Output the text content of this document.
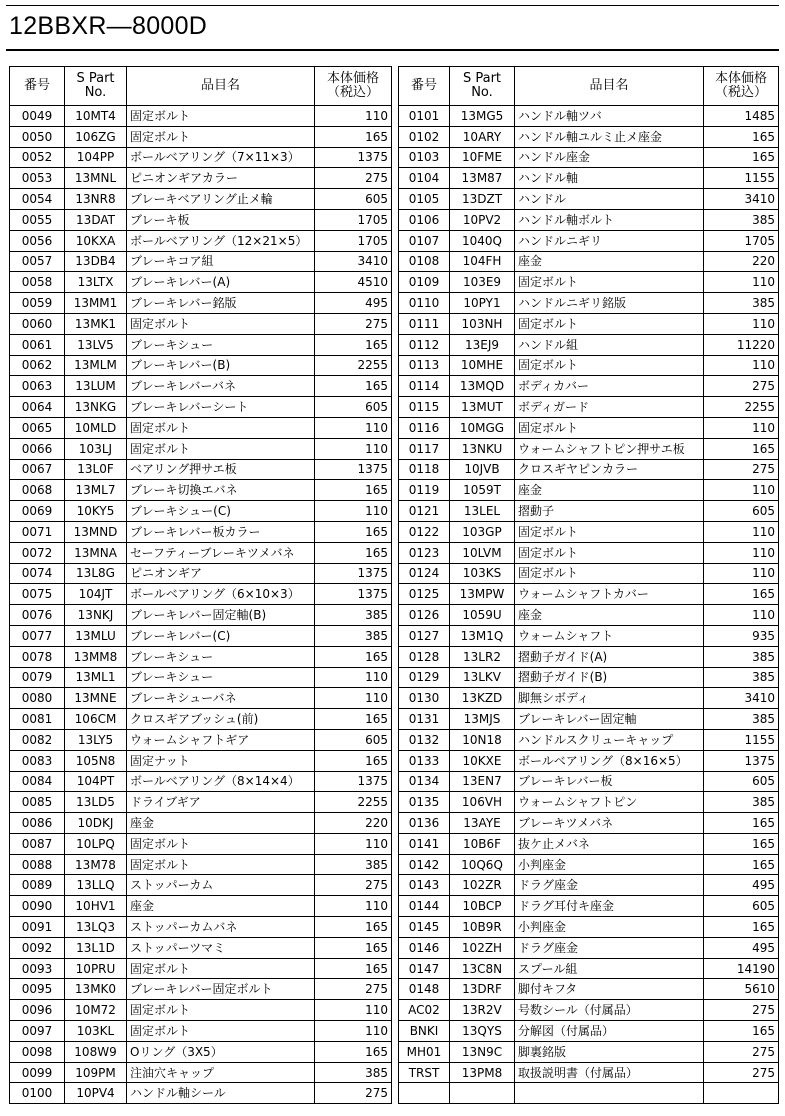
12BBXR—8000D
番号	S Part
No.	品目名	本体価格
（税込）
0049	10MT4	固定ボルト	110
0050	106ZG	固定ボルト	165
0052	104PP	ボールベアリング（7×11×3）	1375
0053	13MNL	ピニオンギアカラー	275
0054	13NR8	ブレーキベアリング止メ輪	605
0055	13DAT	ブレーキ板	1705
0056	10KXA	ボールベアリング（12×21×5）	1705
0057	13DB4	ブレーキコア組	3410
0058	13LTX	ブレーキレバー(A)	4510
0059	13MM1	ブレーキレバー銘版	495
0060	13MK1	固定ボルト	275
0061	13LV5	ブレーキシュー	165
0062	13MLM	ブレーキレバー(B)	2255
0063	13LUM	ブレーキレバーバネ	165
0064	13NKG	ブレーキレバーシート	605
0065	10MLD	固定ボルト	110
0066	103LJ	固定ボルト	110
0067	13L0F	ベアリング押サエ板	1375
0068	13ML7	ブレーキ切換エバネ	165
0069	10KY5	ブレーキシュー(C)	110
0071	13MND	ブレーキレバー板カラー	165
0072	13MNA	セーフティーブレーキツメバネ	165
0074	13L8G	ピニオンギア	1375
0075	104JT	ボールベアリング（6×10×3）	1375
0076	13NKJ	ブレーキレバー固定軸(B)	385
0077	13MLU	ブレーキレバー(C)	385
0078	13MM8	ブレーキシュー	165
0079	13ML1	ブレーキシュー	110
0080	13MNE	ブレーキシューバネ	110
0081	106CM	クロスギアブッシュ(前)	165
0082	13LY5	ウォームシャフトギア	605
0083	105N8	固定ナット	165
0084	104PT	ボールベアリング（8×14×4）	1375
0085	13LD5	ドライブギア	2255
0086	10DKJ	座金	220
0087	10LPQ	固定ボルト	110
0088	13M78	固定ボルト	385
0089	13LLQ	ストッパーカム	275
0090	10HV1	座金	110
0091	13LQ3	ストッパーカムバネ	165
0092	13L1D	ストッパーツマミ	165
0093	10PRU	固定ボルト	165
0095	13MK0	ブレーキレバー固定ボルト	275
0096	10M72	固定ボルト	110
0097	103KL	固定ボルト	110
0098	108W9	Oリング（3X5）	165
0099	109PM	注油穴キャップ	385
0100	10PV4	ハンドル軸シール	275
番号	S Part
No.	品目名	本体価格
（税込）
0101	13MG5	ハンドル軸ツバ	1485
0102	10ARY	ハンドル軸ユルミ止メ座金	165
0103	10FME	ハンドル座金	165
0104	13M87	ハンドル軸	1155
0105	13DZT	ハンドル	3410
0106	10PV2	ハンドル軸ボルト	385
0107	1040Q	ハンドルニギリ	1705
0108	104FH	座金	220
0109	103E9	固定ボルト	110
0110	10PY1	ハンドルニギリ銘版	385
0111	103NH	固定ボルト	110
0112	13EJ9	ハンドル組	11220
0113	10MHE	固定ボルト	110
0114	13MQD	ボディカバー	275
0115	13MUT	ボディガード	2255
0116	10MGG	固定ボルト	110
0117	13NKU	ウォームシャフトピン押サエ板	165
0118	10JVB	クロスギヤピンカラー	275
0119	1059T	座金	110
0121	13LEL	摺動子	605
0122	103GP	固定ボルト	110
0123	10LVM	固定ボルト	110
0124	103KS	固定ボルト	110
0125	13MPW	ウォームシャフトカバー	165
0126	1059U	座金	110
0127	13M1Q	ウォームシャフト	935
0128	13LR2	摺動子ガイド(A)	385
0129	13LKV	摺動子ガイド(B)	385
0130	13KZD	脚無シボディ	3410
0131	13MJS	ブレーキレバー固定軸	385
0132	10N18	ハンドルスクリューキャップ	1155
0133	10KXE	ボールベアリング（8×16×5）	1375
0134	13EN7	ブレーキレバー板	605
0135	106VH	ウォームシャフトピン	385
0136	13AYE	ブレーキツメバネ	165
0141	10B6F	抜ケ止メバネ	165
0142	10Q6Q	小判座金	165
0143	102ZR	ドラグ座金	495
0144	10BCP	ドラグ耳付キ座金	605
0145	10B9R	小判座金	165
0146	102ZH	ドラグ座金	495
0147	13C8N	スプール組	14190
0148	13DRF	脚付キフタ	5610
AC02	13R2V	号数シール（付属品）	275
BNKI	13QYS	分解図（付属品）	165
MH01	13N9C	脚裏銘版	275
TRST	13PM8	取扱説明書（付属品）	275
